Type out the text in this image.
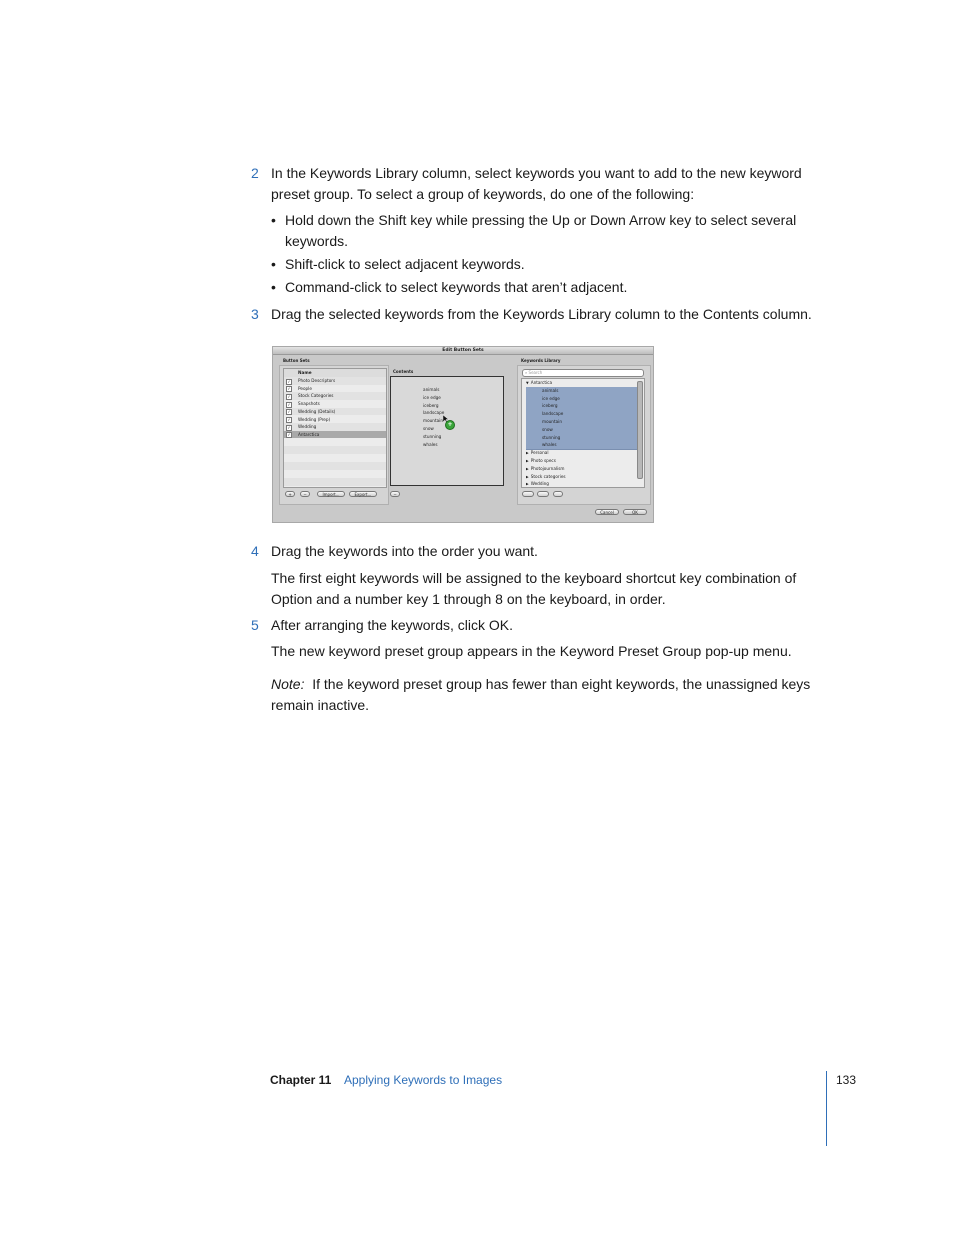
2 In the Keywords Library column, select keywords you want to add to the new keyword preset group. To select a group of keywords, do one of the following:
• Hold down the Shift key while pressing the Up or Down Arrow key to select several keywords.
• Shift-click to select adjacent keywords.
• Command-click to select keywords that aren’t adjacent.
3 Drag the selected keywords from the Keywords Library column to the Contents column.
Edit Button Sets
Button Sets	Keywords Library
Name
✓	Photo Descriptors
✓	People
✓	Stock Categories
✓	Snapshots
✓	Wedding (Details)
✓	Wedding (Prep)
✓	Wedding
✓	Antarctica
+	−	Import...	Export...
Contents
animals
ice edge
iceberg
landscape
mountain
snow
stunning
whales
+
−
⌕ Search
▼ Antarctica
animals
ice edge
iceberg
landscape
mountain
snow
stunning
whales
▶ Personal
▶ Photo specs
▶ Photojournalism
▶ Stock categories
▶ Wedding
Cancel	OK
4 Drag the keywords into the order you want.
The first eight keywords will be assigned to the keyboard shortcut key combination of Option and a number key 1 through 8 on the keyboard, in order.
5 After arranging the keywords, click OK.
The new keyword preset group appears in the Keyword Preset Group pop-up menu.
Note: If the keyword preset group has fewer than eight keywords, the unassigned keys remain inactive.
Chapter 11 Applying Keywords to Images	133
